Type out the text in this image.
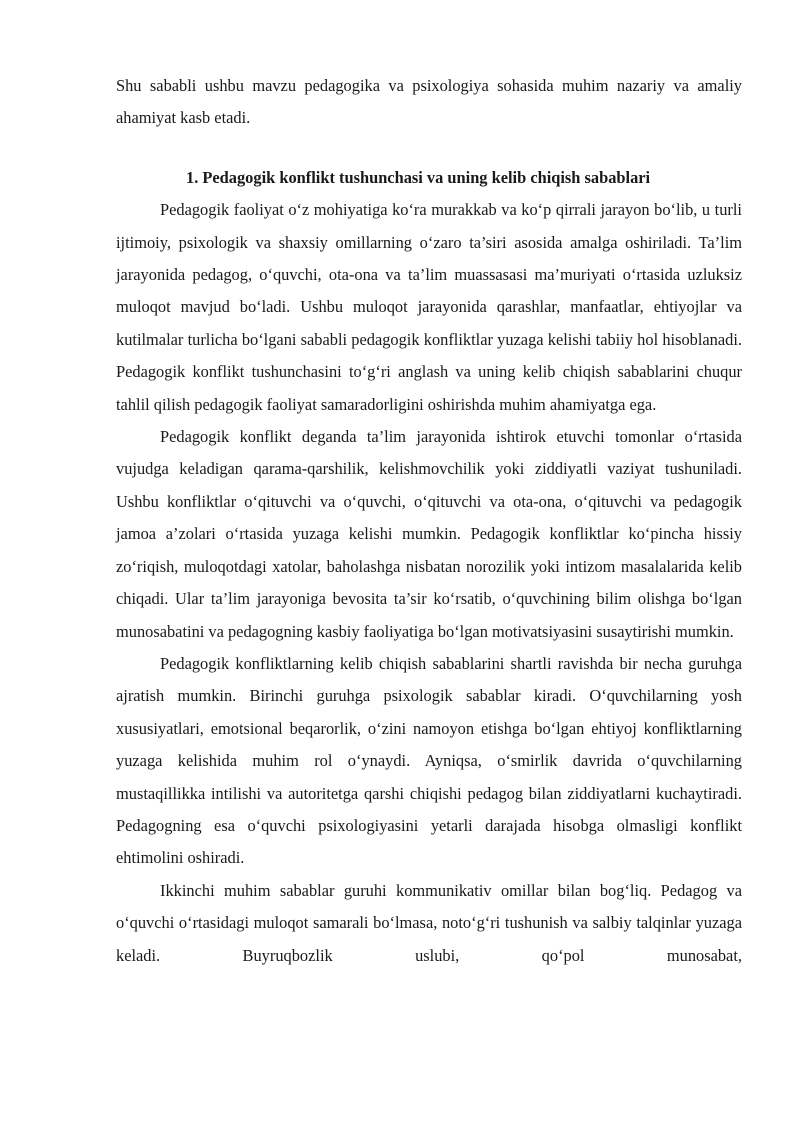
Shu sababli ushbu mavzu pedagogika va psixologiya sohasida muhim nazariy va amaliy ahamiyat kasb etadi.

1. Pedagogik konflikt tushunchasi va uning kelib chiqish sabablari

Pedagogik faoliyat o‘z mohiyatiga ko‘ra murakkab va ko‘p qirrali jarayon bo‘lib, u turli ijtimoiy, psixologik va shaxsiy omillarning o‘zaro ta’siri asosida amalga oshiriladi. Ta’lim jarayonida pedagog, o‘quvchi, ota-ona va ta’lim muassasasi ma’muriyati o‘rtasida uzluksiz muloqot mavjud bo‘ladi. Ushbu muloqot jarayonida qarashlar, manfaatlar, ehtiyojlar va kutilmalar turlicha bo‘lgani sababli pedagogik konfliktlar yuzaga kelishi tabiiy hol hisoblanadi. Pedagogik konflikt tushunchasini to‘g‘ri anglash va uning kelib chiqish sabablarini chuqur tahlil qilish pedagogik faoliyat samaradorligini oshirishda muhim ahamiyatga ega.

Pedagogik konflikt deganda ta’lim jarayonida ishtirok etuvchi tomonlar o‘rtasida vujudga keladigan qarama-qarshilik, kelishmovchilik yoki ziddiyatli vaziyat tushuniladi. Ushbu konfliktlar o‘qituvchi va o‘quvchi, o‘qituvchi va ota-ona, o‘qituvchi va pedagogik jamoa a’zolari o‘rtasida yuzaga kelishi mumkin. Pedagogik konfliktlar ko‘pincha hissiy zo‘riqish, muloqotdagi xatolar, baholashga nisbatan norozilik yoki intizom masalalarida kelib chiqadi. Ular ta’lim jarayoniga bevosita ta’sir ko‘rsatib, o‘quvchining bilim olishga bo‘lgan munosabatini va pedagogning kasbiy faoliyatiga bo‘lgan motivatsiyasini susaytirishi mumkin.

Pedagogik konfliktlarning kelib chiqish sabablarini shartli ravishda bir necha guruhga ajratish mumkin. Birinchi guruhga psixologik sabablar kiradi. O‘quvchilarning yosh xususiyatlari, emotsional beqarorlik, o‘zini namoyon etishga bo‘lgan ehtiyoj konfliktlarning yuzaga kelishida muhim rol o‘ynaydi. Ayniqsa, o‘smirlik davrida o‘quvchilarning mustaqillikka intilishi va autoritetga qarshi chiqishi pedagog bilan ziddiyatlarni kuchaytiradi. Pedagogning esa o‘quvchi psixologiyasini yetarli darajada hisobga olmasligi konflikt ehtimolini oshiradi.

Ikkinchi muhim sabablar guruhi kommunikativ omillar bilan bog‘liq. Pedagog va o‘quvchi o‘rtasidagi muloqot samarali bo‘lmasa, noto‘g‘ri tushunish va salbiy talqinlar yuzaga keladi. Buyruqbozlik uslubi, qo‘pol munosabat,
